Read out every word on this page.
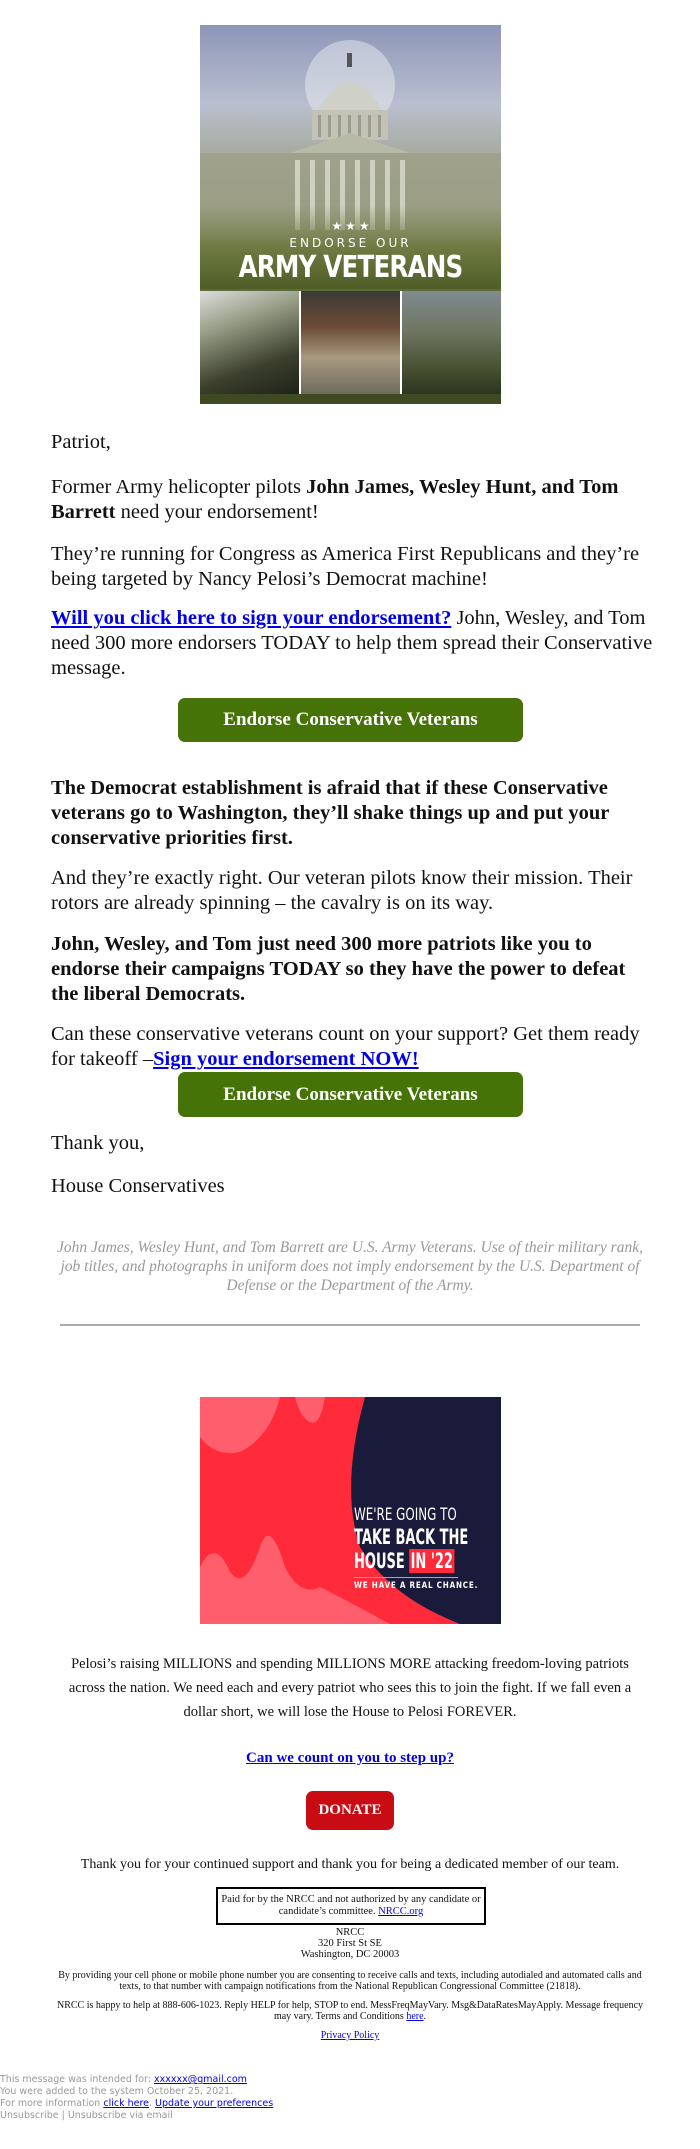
★ ★ ★
ENDORSE OUR
ARMY VETERANS
Patriot,
Former Army helicopter pilots John James, Wesley Hunt, and Tom Barrett need your endorsement!
They’re running for Congress as America First Republicans and they’re being targeted by Nancy Pelosi’s Democrat machine!
Will you click here to sign your endorsement? John, Wesley, and Tom need 300 more endorsers TODAY to help them spread their Conservative message.
Endorse Conservative Veterans
The Democrat establishment is afraid that if these Conservative veterans go to Washington, they’ll shake things up and put your conservative priorities first.
And they’re exactly right. Our veteran pilots know their mission. Their rotors are already spinning – the cavalry is on its way.
John, Wesley, and Tom just need 300 more patriots like you to endorse their campaigns TODAY so they have the power to defeat the liberal Democrats.
Can these conservative veterans count on your support? Get them ready for takeoff –Sign your endorsement NOW!
Endorse Conservative Veterans
Thank you,
House Conservatives
John James, Wesley Hunt, and Tom Barrett are U.S. Army Veterans. Use of their military rank, job titles, and photographs in uniform does not imply endorsement by the U.S. Department of Defense or the Department of the Army.
WE'RE GOING TO
TAKE BACK THE
HOUSE IN '22
WE HAVE A REAL CHANCE.
Pelosi’s raising MILLIONS and spending MILLIONS MORE attacking freedom-loving patriots across the nation. We need each and every patriot who sees this to join the fight. If we fall even a dollar short, we will lose the House to Pelosi FOREVER.
Can we count on you to step up?
DONATE
Thank you for your continued support and thank you for being a dedicated member of our team.
Paid for by the NRCC and not authorized by any candidate or candidate’s committee. NRCC.org
NRCC
320 First St SE
Washington, DC 20003
By providing your cell phone or mobile phone number you are consenting to receive calls and texts, including autodialed and automated calls and texts, to that number with campaign notifications from the National Republican Congressional Committee (21818).
NRCC is happy to help at 888-606-1023. Reply HELP for help, STOP to end. MessFreqMayVary. Msg&DataRatesMayApply. Message frequency may vary. Terms and Conditions here.
Privacy Policy
This message was intended for: xxxxxx@gmail.com
You were added to the system October 25, 2021.
For more information click here. Update your preferences
Unsubscribe | Unsubscribe via email
